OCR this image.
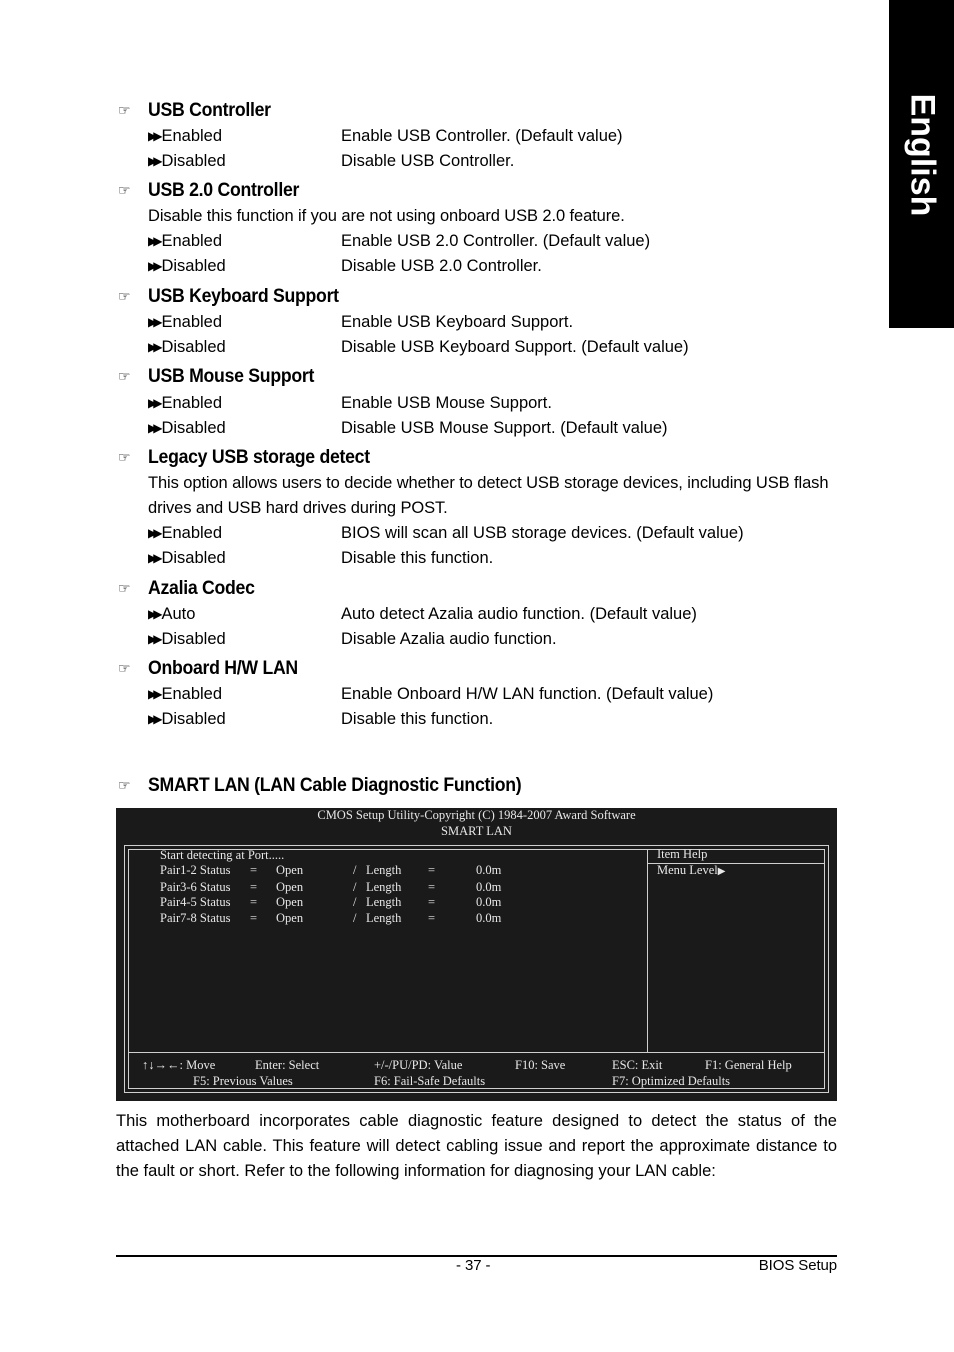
English
☞ USB Controller
▶▶ Enabled	Enable USB Controller. (Default value)
▶▶ Disabled	Disable USB Controller.
☞ USB 2.0 Controller
Disable this function if you are not using onboard USB 2.0 feature.
▶▶ Enabled	Enable USB 2.0 Controller. (Default value)
▶▶ Disabled	Disable USB 2.0 Controller.
☞ USB Keyboard Support
▶▶ Enabled	Enable USB Keyboard Support.
▶▶ Disabled	Disable USB Keyboard Support. (Default value)
☞ USB Mouse Support
▶▶ Enabled	Enable USB Mouse Support.
▶▶ Disabled	Disable USB Mouse Support. (Default value)
☞ Legacy USB storage detect
This option allows users to decide whether to detect USB storage devices, including USB flash
drives and USB hard drives during POST.
▶▶ Enabled	BIOS will scan all USB storage devices. (Default value)
▶▶ Disabled	Disable this function.
☞ Azalia Codec
▶▶ Auto	Auto detect Azalia audio function. (Default value)
▶▶ Disabled	Disable Azalia audio function.
☞ Onboard H/W LAN
▶▶ Enabled	Enable Onboard H/W LAN function. (Default value)
▶▶ Disabled	Disable this function.
☞ SMART LAN (LAN Cable Diagnostic Function)
CMOS Setup Utility-Copyright (C) 1984-2007 Award Software
SMART LAN
Start detecting at Port.....
Pair1-2 Status = Open	/ Length =	0.0m
Pair3-6 Status = Open	/ Length =	0.0m
Pair4-5 Status = Open	/ Length =	0.0m
Pair7-8 Status = Open	/ Length =	0.0m
Item Help
Menu Level▶
↑↓→←: Move	Enter: Select	+/-/PU/PD: Value	F10: Save	ESC: Exit	F1: General Help
F5: Previous Values	F6: Fail-Safe Defaults	F7: Optimized Defaults
This motherboard incorporates cable diagnostic feature designed to detect the status of the attached LAN cable. This feature will detect cabling issue and report the approximate distance to the fault or short. Refer to the following information for diagnosing your LAN cable:
- 37 -	BIOS Setup
